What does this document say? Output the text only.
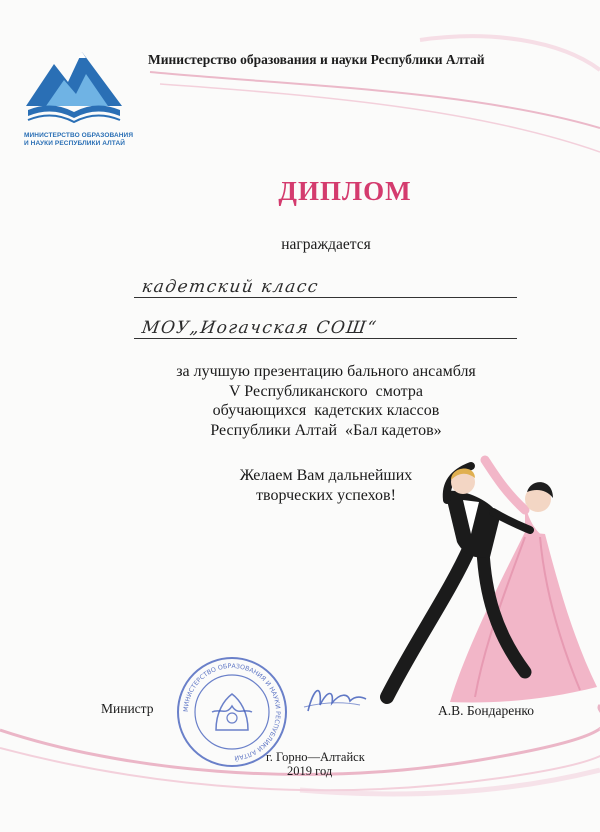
МИНИСТЕРСТВО ОБРАЗОВАНИЯ
И НАУКИ РЕСПУБЛИКИ АЛТАЙ
Министерство образования и науки Республики Алтай
ДИПЛОМ
награждается
кадетский класс
МОУ„Иогачская СОШ“
за лучшую презентацию бального ансамбля
V Республиканского  смотра
обучающихся  кадетских классов
Республики Алтай  «Бал кадетов»
Желаем Вам дальнейших
творческих успехов!
Министр	МИНИСТЕРСТВО ОБРАЗОВАНИЯ И НАУКИ РЕСПУБЛИКИ АЛТАЙ
А.В. Бондаренко
г. Горно—Алтайск
2019 год
